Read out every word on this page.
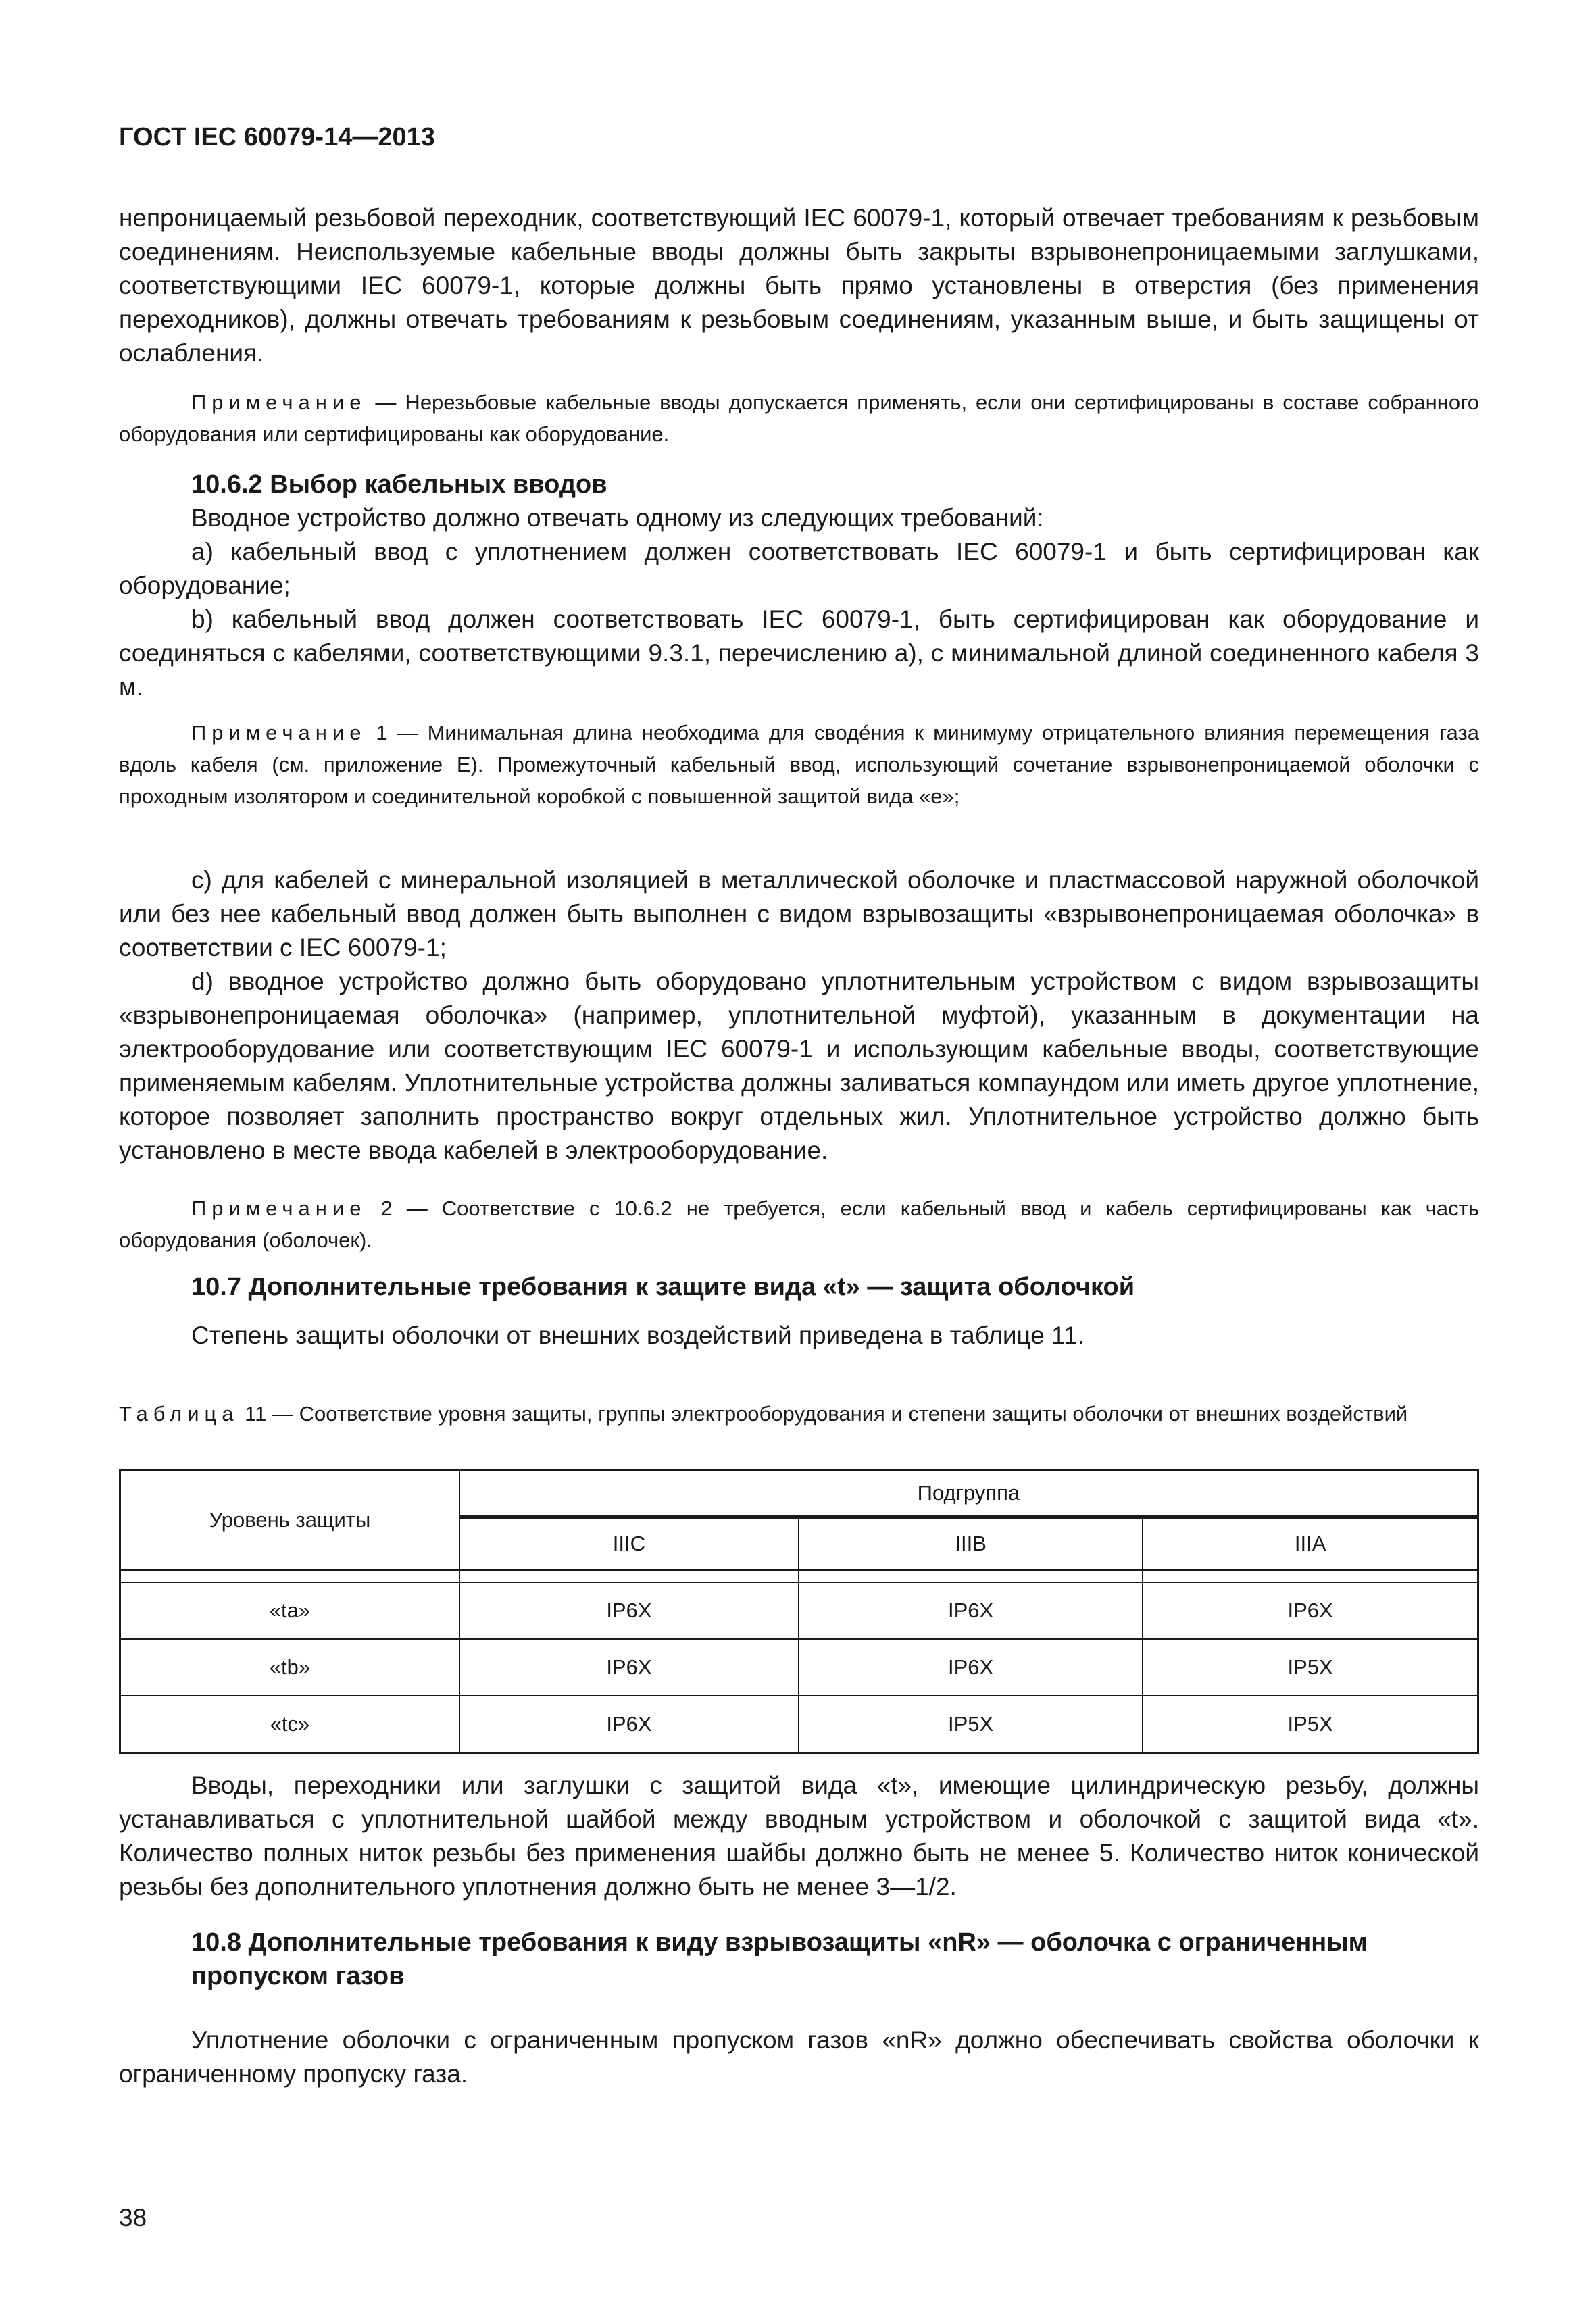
ГОСТ IEC 60079-14—2013

непроницаемый резьбовой переходник, соответствующий IEC 60079-1, который отвечает требованиям к резьбовым соединениям. Неиспользуемые кабельные вводы должны быть закрыты взрывонепроницаемыми заглушками, соответствующими IEC 60079-1, которые должны быть прямо установлены в отверстия (без применения переходников), должны отвечать требованиям к резьбовым соединениям, указанным выше, и быть защищены от ослабления.

Примечание — Нерезьбовые кабельные вводы допускается применять, если они сертифицированы в составе собранного оборудования или сертифицированы как оборудование.

10.6.2 Выбор кабельных вводов

Вводное устройство должно отвечать одному из следующих требований:

a) кабельный ввод с уплотнением должен соответствовать IEC 60079-1 и быть сертифицирован как оборудование;

b) кабельный ввод должен соответствовать IEC 60079-1, быть сертифицирован как оборудование и соединяться с кабелями, соответствующими 9.3.1, перечислению а), с минимальной длиной соединенного кабеля 3 м.

Примечание 1 — Минимальная длина необходима для своде́ния к минимуму отрицательного влияния перемещения газа вдоль кабеля (см. приложение E). Промежуточный кабельный ввод, использующий сочетание взрывонепроницаемой оболочки с проходным изолятором и соединительной коробкой с повышенной защитой вида «е»;

c) для кабелей с минеральной изоляцией в металлической оболочке и пластмассовой наружной оболочкой или без нее кабельный ввод должен быть выполнен с видом взрывозащиты «взрывонепроницаемая оболочка» в соответствии с IEC 60079-1;

d) вводное устройство должно быть оборудовано уплотнительным устройством с видом взрывозащиты «взрывонепроницаемая оболочка» (например, уплотнительной муфтой), указанным в документации на электрооборудование или соответствующим IEC 60079-1 и использующим кабельные вводы, соответствующие применяемым кабелям. Уплотнительные устройства должны заливаться компаундом или иметь другое уплотнение, которое позволяет заполнить пространство вокруг отдельных жил. Уплотнительное устройство должно быть установлено в месте ввода кабелей в электрооборудование.

Примечание 2 — Соответствие с 10.6.2 не требуется, если кабельный ввод и кабель сертифицированы как часть оборудования (оболочек).

10.7 Дополнительные требования к защите вида «t» — защита оболочкой

Степень защиты оболочки от внешних воздействий приведена в таблице 11.

Таблица 11 — Соответствие уровня защиты, группы электрооборудования и степени защиты оболочки от внешних воздействий

Уровень защиты	Подгруппа		
	IIIC	IIIB	IIIA

«ta»	IP6X	IP6X	IP6X
«tb»	IP6X	IP6X	IP5X
«tc»	IP6X	IP5X	IP5X

Вводы, переходники или заглушки с защитой вида «t», имеющие цилиндрическую резьбу, должны устанавливаться с уплотнительной шайбой между вводным устройством и оболочкой с защитой вида «t». Количество полных ниток резьбы без применения шайбы должно быть не менее 5. Количество ниток конической резьбы без дополнительного уплотнения должно быть не менее 3—1/2.

10.8 Дополнительные требования к виду взрывозащиты «nR» — оболочка с ограниченным пропуском газов

Уплотнение оболочки с ограниченным пропуском газов «nR» должно обеспечивать свойства оболочки к ограниченному пропуску газа.

38
